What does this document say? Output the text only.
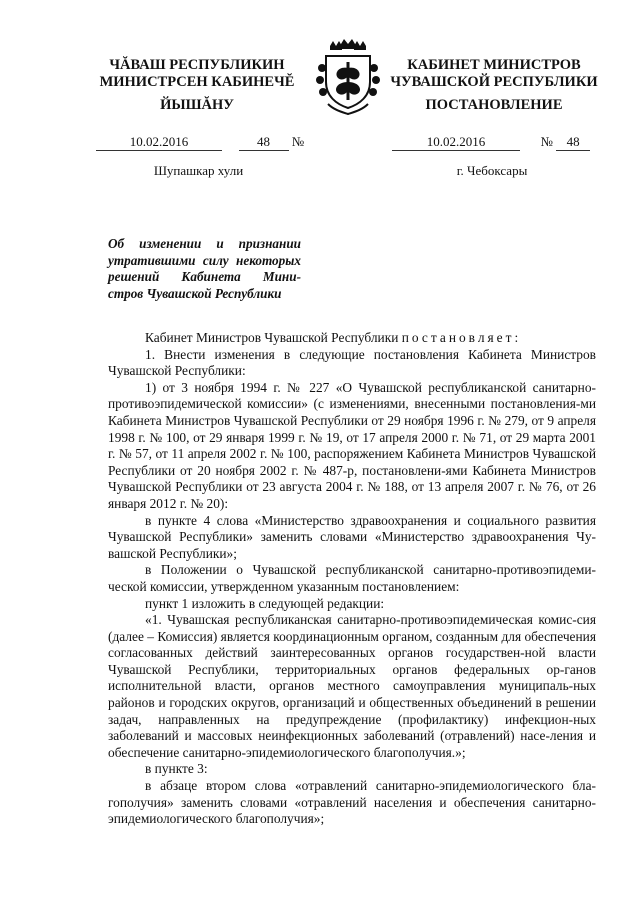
ЧĂВАШ РЕСПУБЛИКИН
МИНИСТРСЕН КАБИНЕЧĔ
ЙЫШĂНУ
КАБИНЕТ МИНИСТРОВ
ЧУВАШСКОЙ РЕСПУБЛИКИ
ПОСТАНОВЛЕНИЕ
10.02.2016	48 №
Шупашкар хули
10.02.2016	№ 48
г. Чебоксары
Об изменении и признании
утратившими силу некоторых
решений Кабинета Мини-
стров Чувашской Республики

Кабинет Министров Чувашской Республики постановляет:

1. Внести изменения в следующие постановления Кабинета Министров Чувашской Республики:

1) от 3 ноября 1994 г. № 227 «О Чувашской республиканской санитарно-противоэпидемической комиссии» (с изменениями, внесенными постановления-ми Кабинета Министров Чувашской Республики от 29 ноября 1996 г. № 279, от 9 апреля 1998 г. № 100, от 29 января 1999 г. № 19, от 17 апреля 2000 г. № 71, от 29 марта 2001 г. № 57, от 11 апреля 2002 г. № 100, распоряжением Кабинета Министров Чувашской Республики от 20 ноября 2002 г. № 487-р, постановлени-ями Кабинета Министров Чувашской Республики от 23 августа 2004 г. № 188, от 13 апреля 2007 г. № 76, от 26 января 2012 г. № 20):

в пункте 4 слова «Министерство здравоохранения и социального развития Чувашской Республики» заменить словами «Министерство здравоохранения Чу-вашской Республики»;

в Положении о Чувашской республиканской санитарно-противоэпидеми-ческой комиссии, утвержденном указанным постановлением:

пункт 1 изложить в следующей редакции:

«1. Чувашская республиканская санитарно-противоэпидемическая комис-сия (далее – Комиссия) является координационным органом, созданным для обеспечения согласованных действий заинтересованных органов государствен-ной власти Чувашской Республики, территориальных органов федеральных ор-ганов исполнительной власти, органов местного самоуправления муниципаль-ных районов и городских округов, организаций и общественных объединений в решении задач, направленных на предупреждение (профилактику) инфекцион-ных заболеваний и массовых неинфекционных заболеваний (отравлений) насе-ления и обеспечение санитарно-эпидемиологического благополучия.»;

в пункте 3:

в абзаце втором слова «отравлений санитарно-эпидемиологического бла-гополучия» заменить словами «отравлений населения и обеспечения санитарно-эпидемиологического благополучия»;
